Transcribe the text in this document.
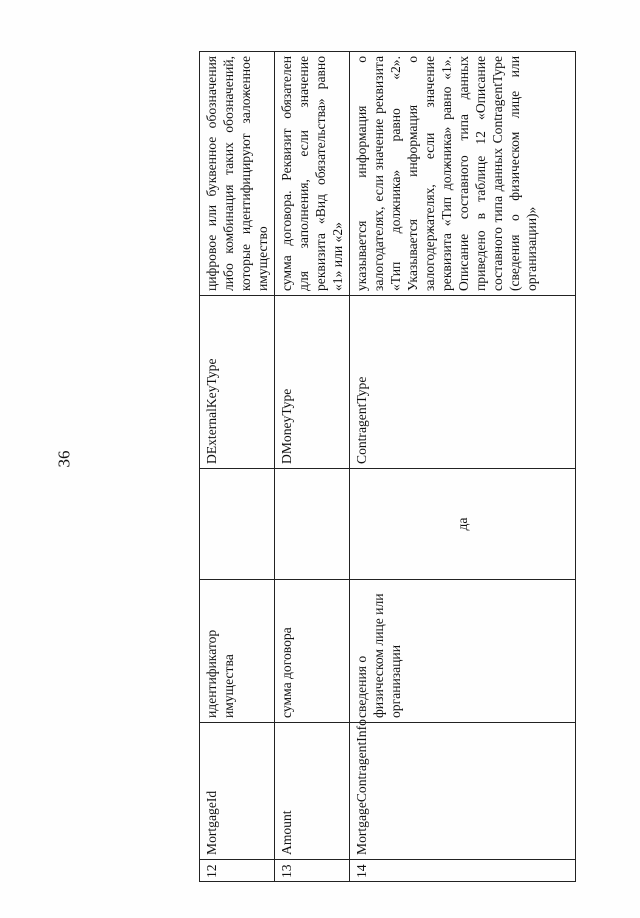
36
12	MortgageId	идентификатор имущества		DExternalKeyType	цифровое или буквенное обозначения либо комбинация таких обозначений, которые идентифицируют заложенное имущество
13	Amount	сумма договора		DMoneyType	сумма договора. Реквизит обязателен для заполнения, если значение реквизита «Вид обязательства» равно «1» или «2»
14	MortgageContragentInfo	сведения о физическом лице или организации	да	ContragentType	указывается информация о залогодателях, если значение реквизита «Тип должника» равно «2». Указывается информация о залогодержателях, если значение реквизита «Тип должника» равно «1». Описание составного типа данных приведено в таблице 12 «Описание составного типа данных ContragentType (сведения о физическом лице или организации)»
